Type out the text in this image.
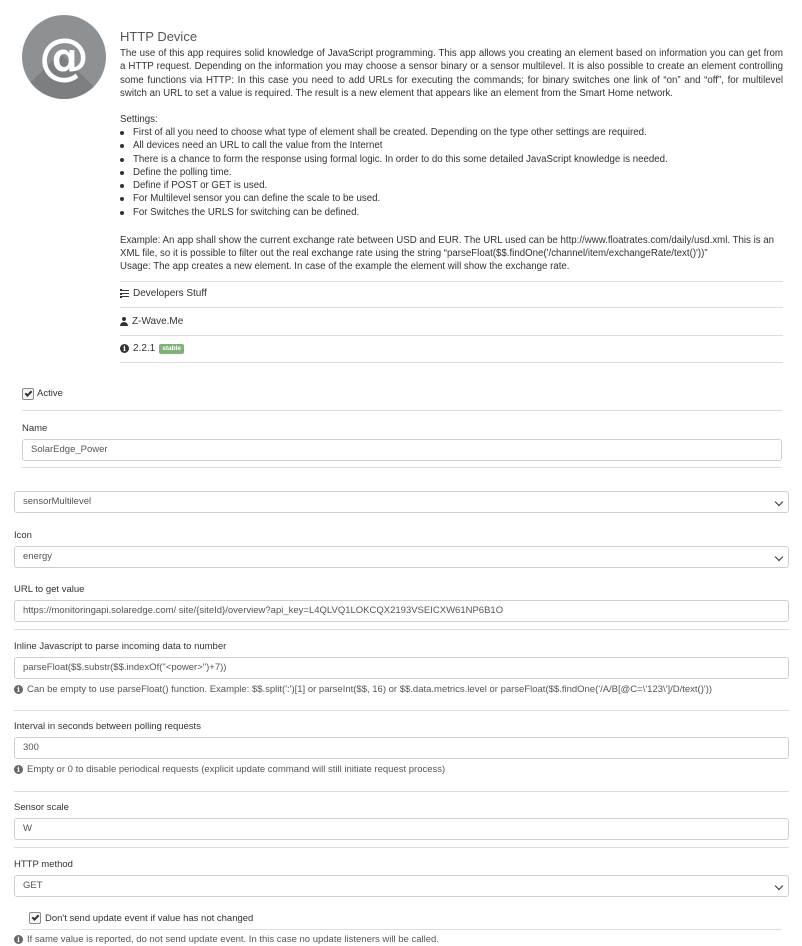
@	HTTP Device
The use of this app requires solid knowledge of JavaScript programming. This app allows you creating an element based on information you can get from a HTTP request. Depending on the information you may choose a sensor binary or a sensor multilevel. It is also possible to create an element controlling some functions via HTTP: In this case you need to add URLs for executing the commands; for binary switches one link of “on” and “off”, for multilevel switch an URL to set a value is required. The result is a new element that appears like an element from the Smart Home network.
Settings:
First of all you need to choose what type of element shall be created. Depending on the type other settings are required.
All devices need an URL to call the value from the Internet
There is a chance to form the response using formal logic. In order to do this some detailed JavaScript knowledge is needed.
Define the polling time.
Define if POST or GET is used.
For Multilevel sensor you can define the scale to be used.
For Switches the URLS for switching can be defined.
Example: An app shall show the current exchange rate between USD and EUR. The URL used can be http://www.floatrates.com/daily/usd.xml. This is an XML file, so it is possible to filter out the real exchange rate using the string “parseFloat($$.findOne('/channel/item/exchangeRate/text()'))”
Usage: The app creates a new element. In case of the example the element will show the exchange rate.
Developers Stuff
Z-Wave.Me
i 2.2.1	stable
Active
Name
SolarEdge_Power
sensorMultilevel
Icon
energy
URL to get value
https://monitoringapi.solaredge.com/ site/{siteId}/overview?api_key=L4QLVQ1LOKCQX2193VSEICXW61NP6B1O
Inline Javascript to parse incoming data to number
parseFloat($$.substr($$.indexOf("<power>")+7))
i Can be empty to use parseFloat() function. Example: $$.split(':')[1] or parseInt($$, 16) or $$.data.metrics.level or parseFloat($$.findOne('/A/B[@C=\'123\']/D/text()'))
Interval in seconds between polling requests
300
i Empty or 0 to disable periodical requests (explicit update command will still initiate request process)
Sensor scale
W
HTTP method
GET
Don't send update event if value has not changed
i If same value is reported, do not send update event. In this case no update listeners will be called.
